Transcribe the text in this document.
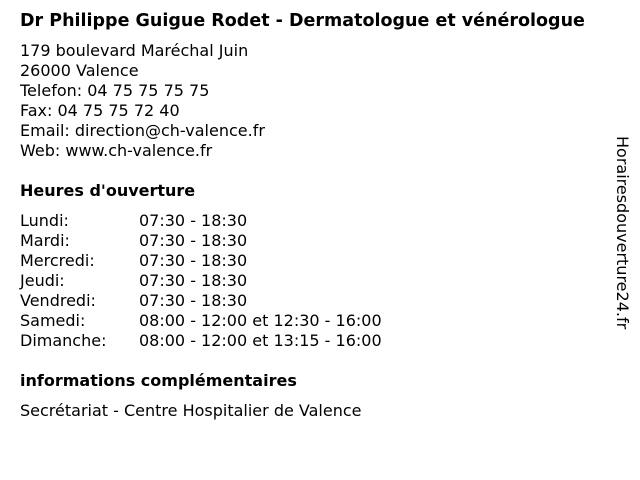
Dr Philippe Guigue Rodet - Dermatologue et vénérologue
179 boulevard Maréchal Juin
26000 Valence
Telefon: 04 75 75 75 75
Fax: 04 75 75 72 40
Email: direction@ch-valence.fr
Web: www.ch-valence.fr
Heures d'ouverture
Lundi:	07:30 - 18:30
Mardi:	07:30 - 18:30
Mercredi:	07:30 - 18:30
Jeudi:	07:30 - 18:30
Vendredi:	07:30 - 18:30
Samedi:	08:00 - 12:00 et 12:30 - 16:00
Dimanche:	08:00 - 12:00 et 13:15 - 16:00
informations complémentaires
Secrétariat - Centre Hospitalier de Valence
Horairesdouverture24.fr
